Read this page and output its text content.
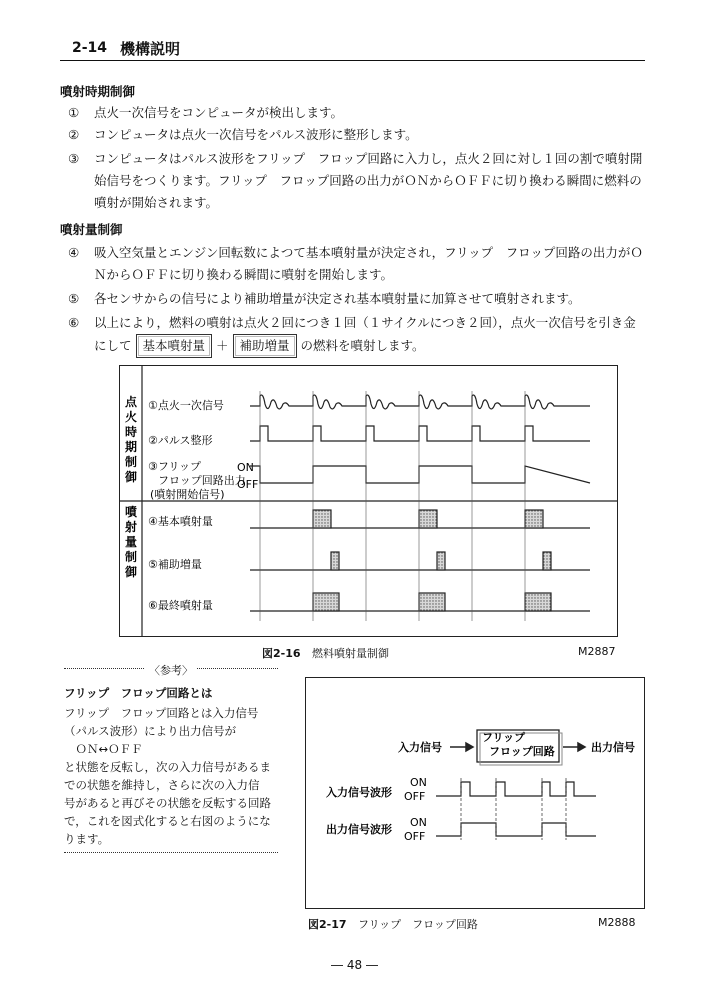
2-14 機構説明
噴射時期制御
① 点火一次信号をコンピュータが検出します。
② コンピュータは点火一次信号をパルス波形に整形します。
③ コンピュータはパルス波形をフリップ　フロップ回路に入力し，点火２回に対し１回の割で噴射開
始信号をつくります。フリップ　フロップ回路の出力がＯＮからＯＦＦに切り換わる瞬間に燃料の
噴射が開始されます。
噴射量制御
④ 吸入空気量とエンジン回転数によつて基本噴射量が決定され，フリップ　フロップ回路の出力がＯ
ＮからＯＦＦに切り換わる瞬間に噴射を開始します。
⑤ 各センサからの信号により補助増量が決定され基本噴射量に加算させて噴射されます。
⑥ 以上により，燃料の噴射は点火２回につき１回（１サイクルにつき２回），点火一次信号を引き金
にして 基本噴射量 ＋ 補助増量 の燃料を噴射します。
点火時期制御
噴射量制御
①点火一次信号
②パルス整形
③フリップ
フロップ回路出力
(噴射開始信号)
④基本噴射量
⑤補助増量
⑥最終噴射量
ON
OFF
図2-16 燃料噴射量制御	M2887
〈参考〉
フリップ　フロップ回路とは
フリップ　フロップ回路とは入力信号
（パルス波形）により出力信号が
　ＯＮ↔ＯＦＦ
と状態を反転し，次の入力信号があるま
での状態を維持し，さらに次の入力信
号があると再びその状態を反転する回路
で，これを図式化すると右図のようにな
ります。
入力信号	出力信号
フリップ
フロップ回路
入力信号波形
出力信号波形
ON
OFF
ON
OFF
図2-17 フリップ　フロップ回路	M2888
― 48 ―
